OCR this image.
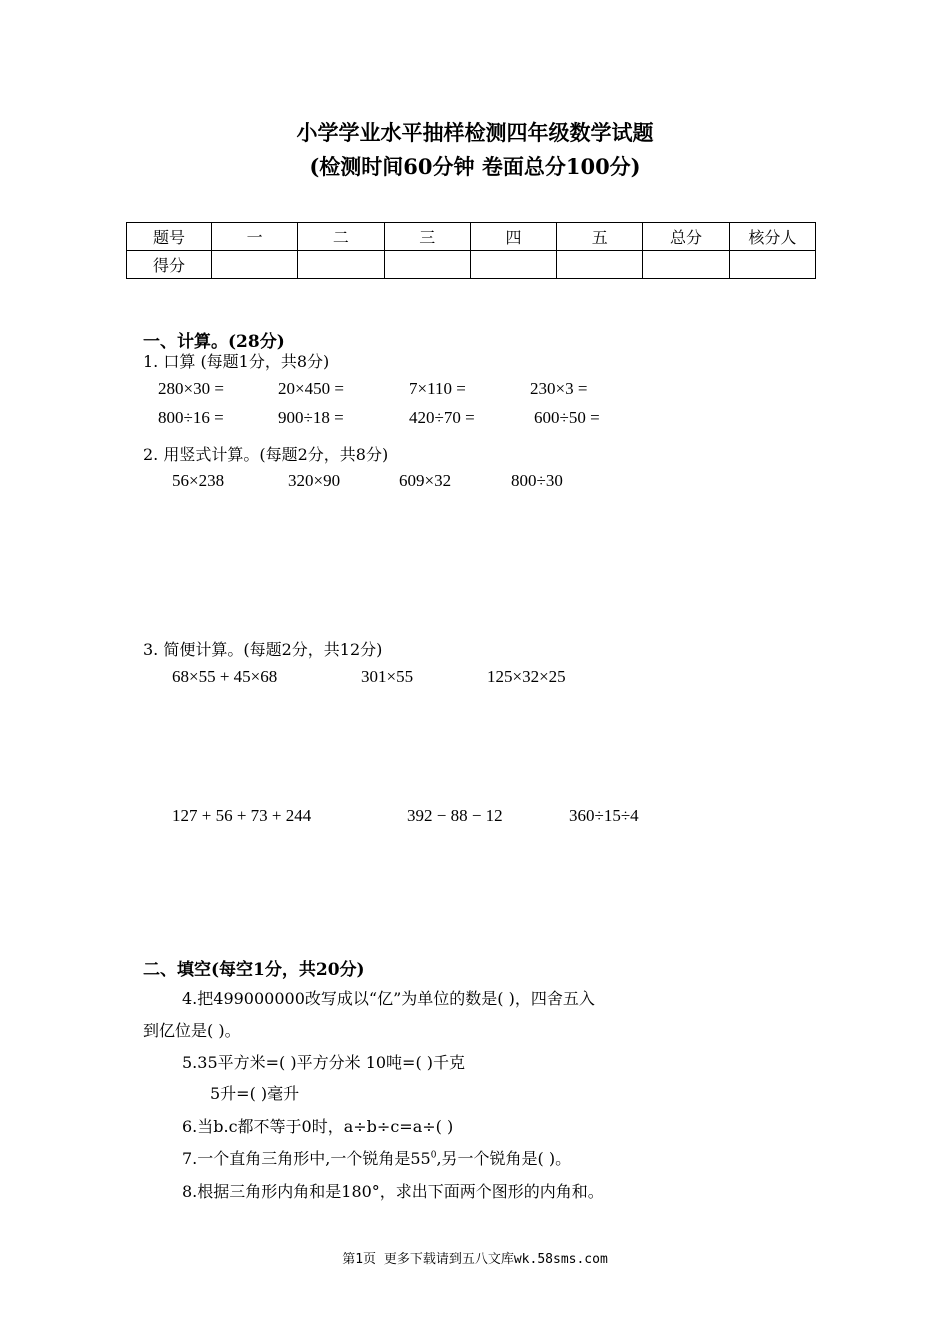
小学学业水平抽样检测四年级数学试题
(检测时间60分钟 卷面总分100分)
题号	一	二	三	四	五	总分	核分人
得分							
一、计算。(28分)
1. 口算 (每题1分，共8分)
280×30 =	20×450 =	7×110 =	230×3 =
800÷16 =	900÷18 =	420÷70 =	600÷50 =
2. 用竖式计算。(每题2分，共8分)
56×238	320×90	609×32	800÷30
3. 简便计算。(每题2分，共12分)
68×55 + 45×68	301×55	125×32×25
127 + 56 + 73 + 244	392 − 88 − 12	360÷15÷4
二、填空(每空1分，共20分)
4.把499000000改写成以“亿”为单位的数是( )，四舍五入
到亿位是( )。
5.35平方米=( )平方分米 10吨=( )千克
5升=( )毫升
6.当b.c都不等于0时，a÷b÷c=a÷( )
7.一个直角三角形中,一个锐角是$55^0$,另一个锐角是( )。
8.根据三角形内角和是180°，求出下面两个图形的内角和。
第1页 更多下载请到五八文库wk.58sms.com
